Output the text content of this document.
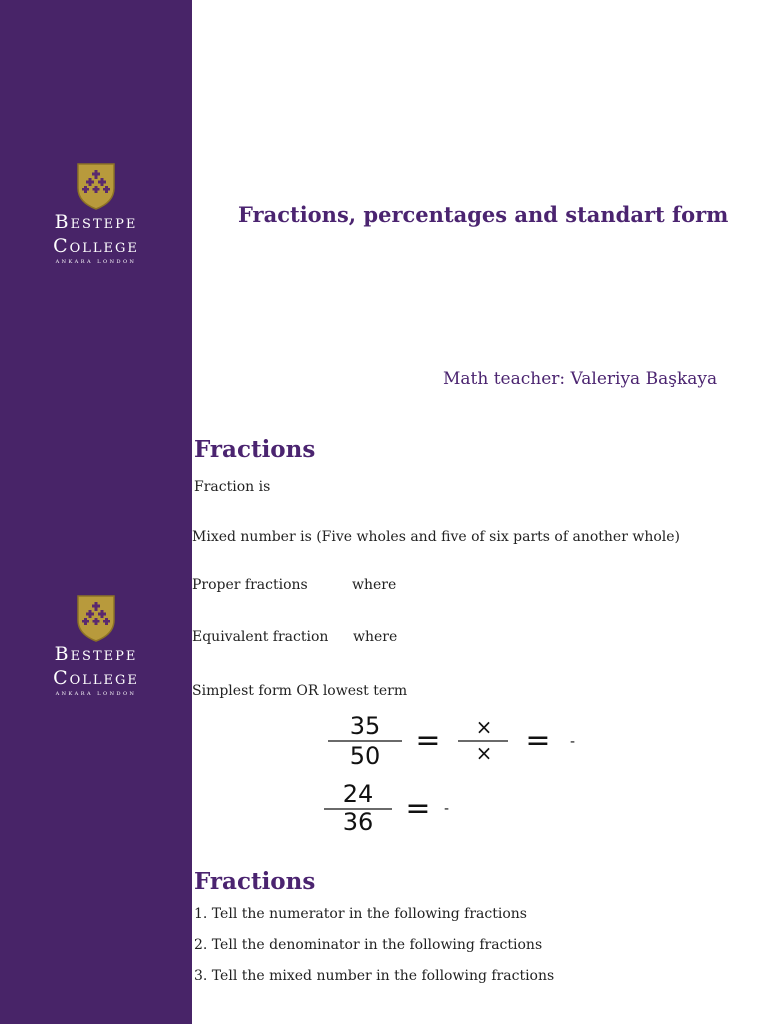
Bestepe
College
ANKARA LONDON
Bestepe
College
ANKARA LONDON
Fractions, percentages and standart form
Math teacher: Valeriya Başkaya
Fractions
Fraction is
Mixed number is (Five wholes and five of six parts of another whole)
Proper fractions	where
Equivalent fraction where
Simplest form OR lowest term
35
50 = ×
× = -
24
36 = -
Fractions
1. Tell the numerator in the following fractions
2. Tell the denominator in the following fractions
3. Tell the mixed number in the following fractions
